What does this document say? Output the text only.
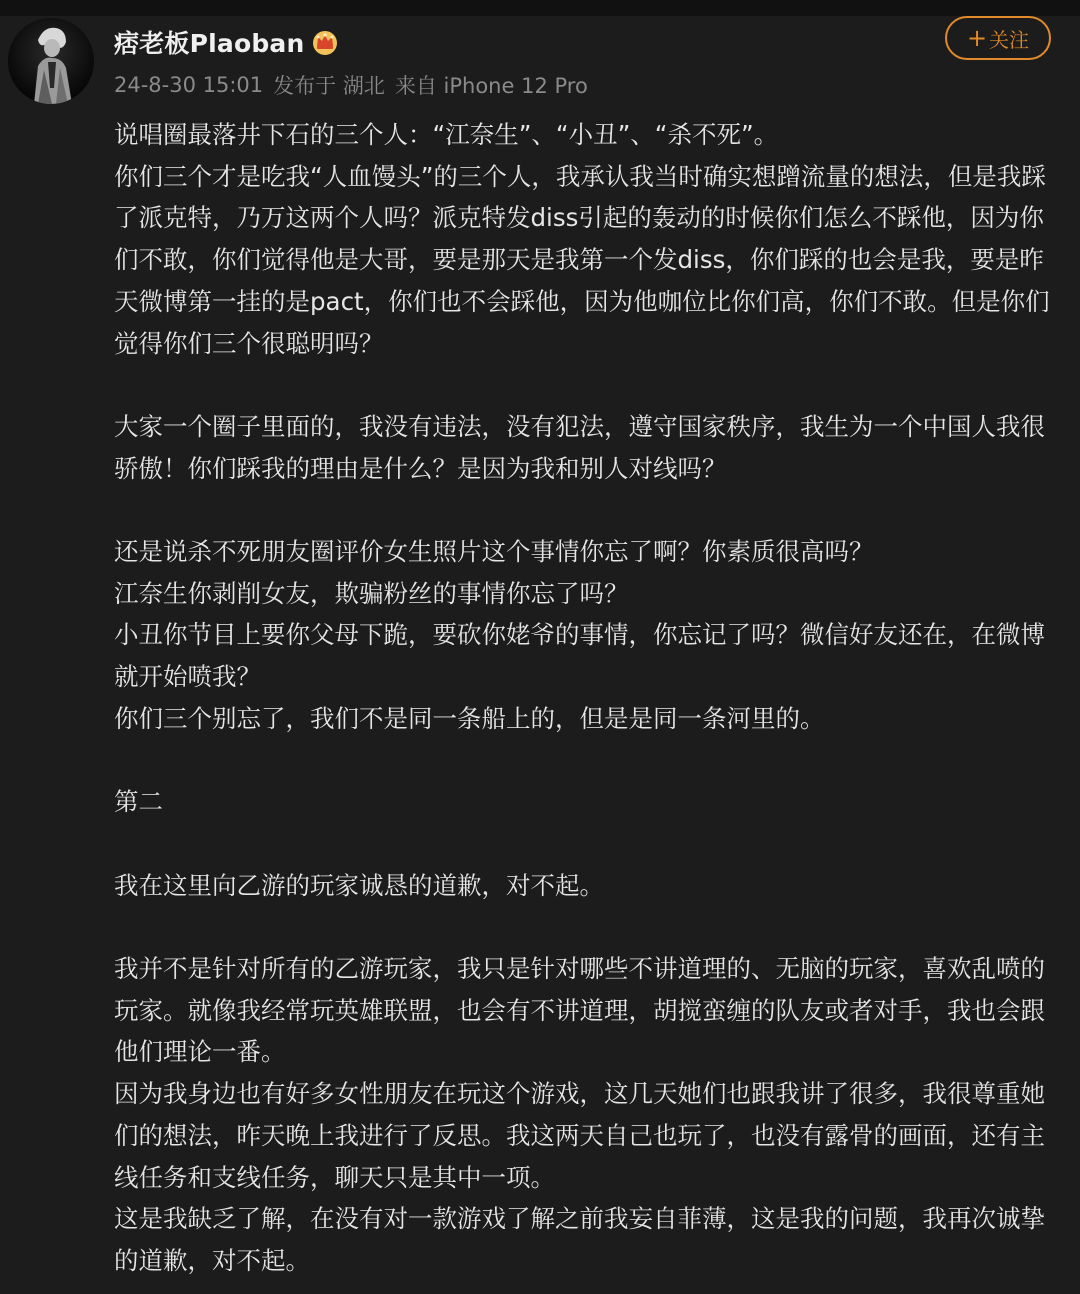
痞老板Plaoban
24-8-30 15:01 发布于 湖北 来自 iPhone 12 Pro
+ 关注

说唱圈最落井下石的三个人：“江奈生”、“小丑”、“杀不死”。

你们三个才是吃我“人血馒头”的三个人，我承认我当时确实想蹭流量的想法，但是我踩了派克特，乃万这两个人吗？派克特发diss引起的轰动的时候你们怎么不踩他，因为你们不敢，你们觉得他是大哥，要是那天是我第一个发diss，你们踩的也会是我，要是昨天微博第一挂的是pact，你们也不会踩他，因为他咖位比你们高，你们不敢。但是你们觉得你们三个很聪明吗？

大家一个圈子里面的，我没有违法，没有犯法，遵守国家秩序，我生为一个中国人我很骄傲！你们踩我的理由是什么？是因为我和别人对线吗？

还是说杀不死朋友圈评价女生照片这个事情你忘了啊？你素质很高吗？

江奈生你剥削女友，欺骗粉丝的事情你忘了吗？

小丑你节目上要你父母下跪，要砍你姥爷的事情，你忘记了吗？微信好友还在，在微博就开始喷我？

你们三个别忘了，我们不是同一条船上的，但是是同一条河里的。

第二

我在这里向乙游的玩家诚恳的道歉，对不起。

我并不是针对所有的乙游玩家，我只是针对哪些不讲道理的、无脑的玩家，喜欢乱喷的玩家。就像我经常玩英雄联盟，也会有不讲道理，胡搅蛮缠的队友或者对手，我也会跟他们理论一番。

因为我身边也有好多女性朋友在玩这个游戏，这几天她们也跟我讲了很多，我很尊重她们的想法，昨天晚上我进行了反思。我这两天自己也玩了，也没有露骨的画面，还有主线任务和支线任务，聊天只是其中一项。

这是我缺乏了解，在没有对一款游戏了解之前我妄自菲薄，这是我的问题，我再次诚挚的道歉，对不起。
